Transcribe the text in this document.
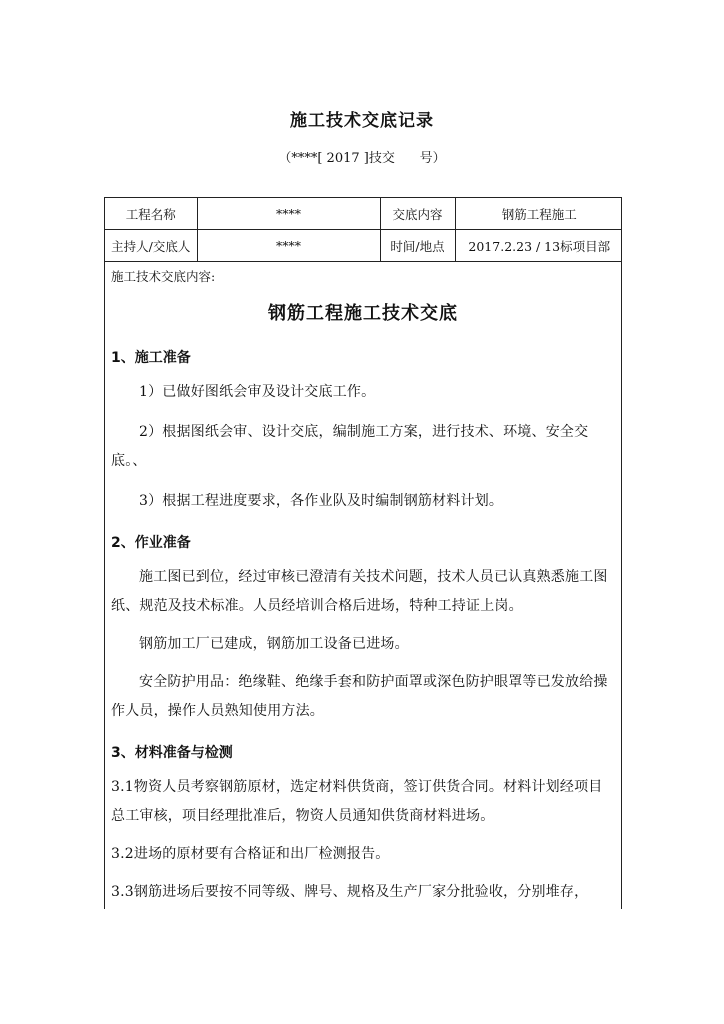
施工技术交底记录
（****[ 2017 ]技交      号）
工程名称	****	交底内容	钢筋工程施工
主持人/交底人	****	时间/地点	2017.2.23 / 13标项目部
施工技术交底内容:
钢筋工程施工技术交底
1、施工准备
1）已做好图纸会审及设计交底工作。
2）根据图纸会审、设计交底，编制施工方案，进行技术、环境、安全交底。、
3）根据工程进度要求，各作业队及时编制钢筋材料计划。
2、作业准备
施工图已到位，经过审核已澄清有关技术问题，技术人员已认真熟悉施工图纸、规范及技术标准。人员经培训合格后进场，特种工持证上岗。
钢筋加工厂已建成，钢筋加工设备已进场。
安全防护用品：绝缘鞋、绝缘手套和防护面罩或深色防护眼罩等已发放给操作人员，操作人员熟知使用方法。
3、材料准备与检测
3.1物资人员考察钢筋原材，选定材料供货商，签订供货合同。材料计划经项目总工审核，项目经理批准后，物资人员通知供货商材料进场。
3.2进场的原材要有合格证和出厂检测报告。
3.3钢筋进场后要按不同等级、牌号、规格及生产厂家分批验收，分别堆存，
